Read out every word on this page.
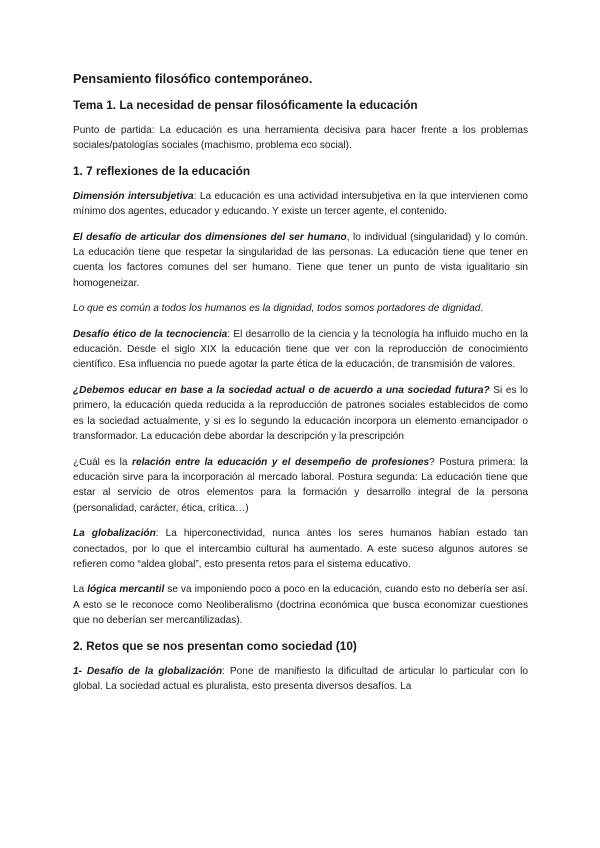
Pensamiento filosófico contemporáneo.
Tema 1. La necesidad de pensar filosóficamente la educación

Punto de partida: La educación es una herramienta decisiva para hacer frente a los problemas sociales/patologías sociales (machismo, problema eco social).

1. 7 reflexiones de la educación

Dimensión intersubjetiva: La educación es una actividad intersubjetiva en la que intervienen como mínimo dos agentes, educador y educando. Y existe un tercer agente, el contenido.

El desafío de articular dos dimensiones del ser humano, lo individual (singularidad) y lo común. La educación tiene que respetar la singularidad de las personas. La educación tiene que tener en cuenta los factores comunes del ser humano. Tiene que tener un punto de vista igualitario sin homogeneizar.

Lo que es común a todos los humanos es la dignidad, todos somos portadores de dignidad.

Desafío ético de la tecnociencia: El desarrollo de la ciencia y la tecnología ha influido mucho en la educación. Desde el siglo XIX la educación tiene que ver con la reproducción de conocimiento científico. Esa influencia no puede agotar la parte ética de la educación, de transmisión de valores.

¿Debemos educar en base a la sociedad actual o de acuerdo a una sociedad futura? Si es lo primero, la educación queda reducida a la reproducción de patrones sociales establecidos de como es la sociedad actualmente, y si es lo segundo la educación incorpora un elemento emancipador o transformador. La educación debe abordar la descripción y la prescripción

¿Cuál es la relación entre la educación y el desempeño de profesiones? Postura primera: la educación sirve para la incorporación al mercado laboral. Postura segunda: La educación tiene que estar al servicio de otros elementos para la formación y desarrollo integral de la persona (personalidad, carácter, ética, crítica…)

La globalización: La hiperconectividad, nunca antes los seres humanos habían estado tan conectados, por lo que el intercambio cultural ha aumentado. A este suceso algunos autores se refieren como “aldea global”, esto presenta retos para el sistema educativo.

La lógica mercantil se va imponiendo poco a poco en la educación, cuando esto no debería ser así. A esto se le reconoce como Neoliberalismo (doctrina económica que busca economizar cuestiones que no deberían ser mercantilizadas).

2. Retos que se nos presentan como sociedad (10)

1- Desafío de la globalización: Pone de manifiesto la dificultad de articular lo particular con lo global. La sociedad actual es pluralista, esto presenta diversos desafíos. La
